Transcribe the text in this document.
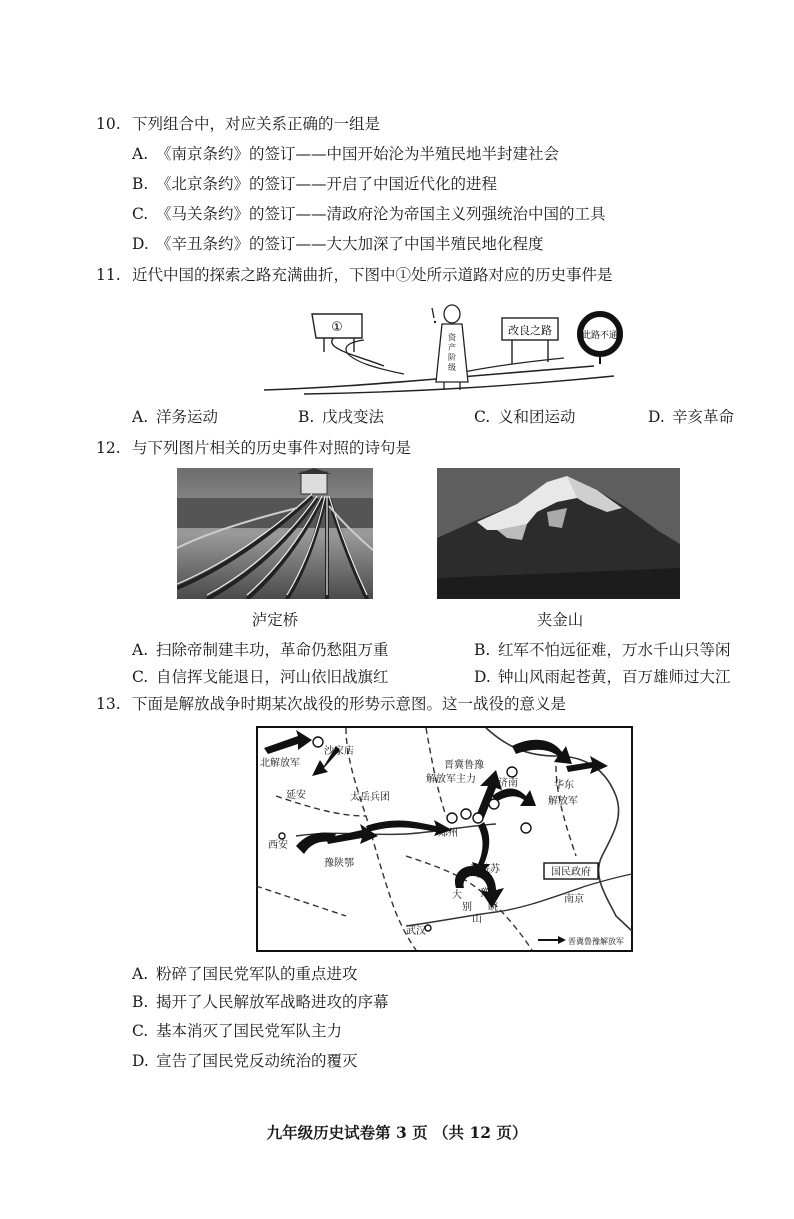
10. 下列组合中，对应关系正确的一组是
A. 《南京条约》的签订——中国开始沦为半殖民地半封建社会
B. 《北京条约》的签订——开启了中国近代化的进程
C. 《马关条约》的签订——清政府沦为帝国主义列强统治中国的工具
D. 《辛丑条约》的签订——大大加深了中国半殖民地化程度
11. 近代中国的探索之路充满曲折，下图中①处所示道路对应的历史事件是
①
资
产
阶
级
改良之路	此路不通
A. 洋务运动	B. 戊戌变法	C. 义和团运动	D. 辛亥革命
12. 与下列图片相关的历史事件对照的诗句是
泸定桥	夹金山
A. 扫除帝制建丰功，革命仍愁阻万重	B. 红军不怕远征难，万水千山只等闲
C. 自信挥戈能退日，河山依旧战旗红	D. 钟山风雨起苍黄，百万雄师过大江
13. 下面是解放战争时期某次战役的形势示意图。这一战役的意义是
沙家店
北解放军
延安	太岳兵团
晋冀鲁豫
解放军主力 济南	华东
解放军
西安
郑州
豫陕鄂
豫皖苏
大
别
山
豫
皖
武汉
南京
国民政府
晋冀鲁豫解放军
A. 粉碎了国民党军队的重点进攻
B. 揭开了人民解放军战略进攻的序幕
C. 基本消灭了国民党军队主力
D. 宣告了国民党反动统治的覆灭
九年级历史试卷第 3 页 （共 12 页）
